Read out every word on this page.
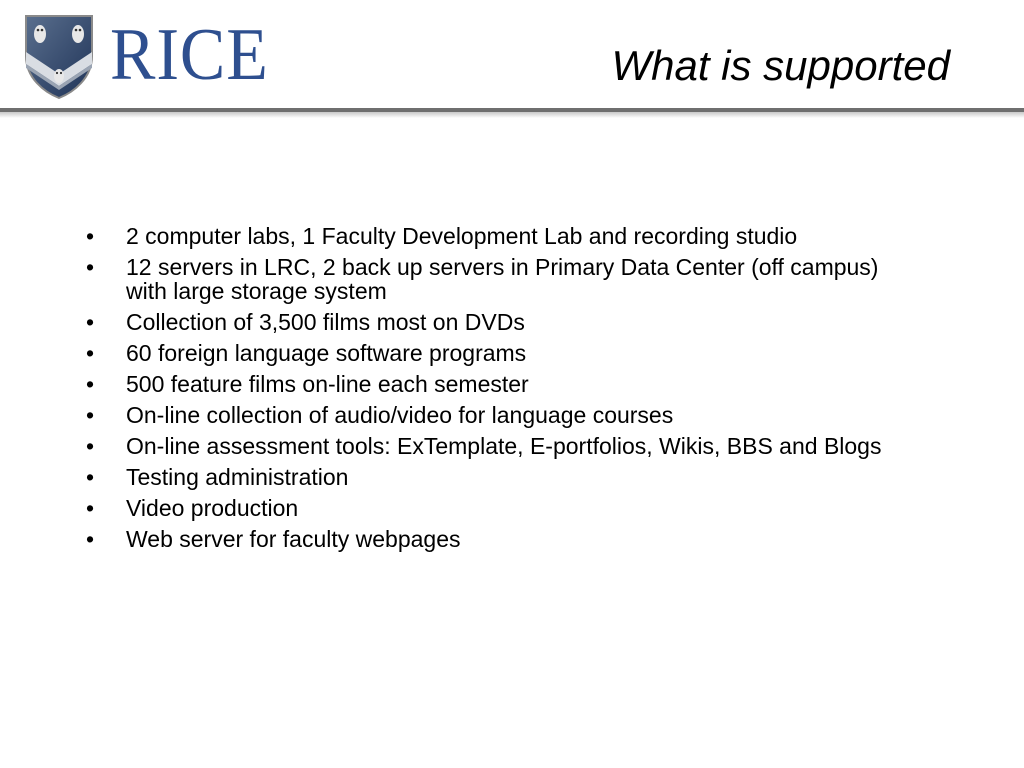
RICE	What is supported
• 2 computer labs, 1 Faculty Development Lab and recording studio
• 12 servers in LRC, 2 back up servers in Primary Data Center (off campus) with large storage system
• Collection of 3,500 films most on DVDs
• 60 foreign language software programs
• 500 feature films on-line each semester
• On-line collection of audio/video for language courses
• On-line assessment tools: ExTemplate, E-portfolios, Wikis, BBS and Blogs
• Testing administration
• Video production
• Web server for faculty webpages
